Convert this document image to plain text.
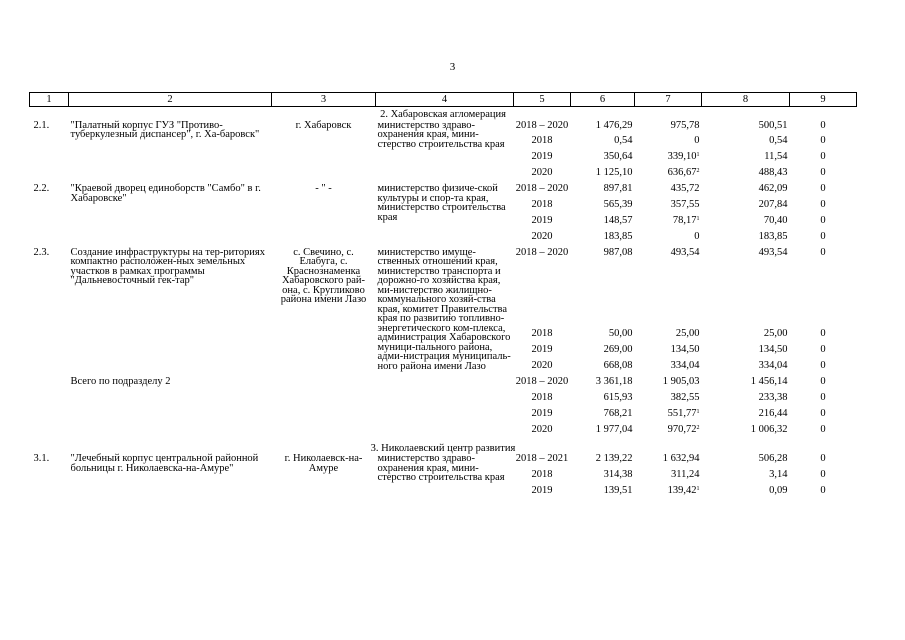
3
1	2	3	4	5	6	7	8	9
2. Хабаровская агломерация								
2.1.	"Палатный корпус ГУЗ "Противо-туберкулезный диспансер", г. Ха-баровск"	г. Хабаровск	министерство здраво-охранения края, мини-стерство строительства края	2018 – 2020	1 476,29	975,78	500,51	0
				2018	0,54	0	0,54	0
				2019	350,64	339,10$^1$	11,54	0
				2020	1 125,10	636,67$^2$	488,43	0
2.2.	"Краевой дворец единоборств "Самбо" в г. Хабаровске"	- " -	министерство физиче-ской культуры и спор-та края, министерство строительства края	2018 – 2020	897,81	435,72	462,09	0
				2018	565,39	357,55	207,84	0
				2019	148,57	78,17$^1$	70,40	0
				2020	183,85	0	183,85	0
2.3.	Создание инфраструктуры на тер-риториях компактно расположен-ных земельных участков в рамках программы "Дальневосточный гек-тар"	с. Свечино, с. Елабуга, с. Краснознаменка Хабаровского рай-она, с. Кругликово района имени Лазо	министерство имуще-ственных отношений края, министерство транспорта и дорожно-го хозяйства края, ми-нистерство жилищно-коммунального хозяй-ства края, комитет Правительства края по развитию топливно-энергетического ком-плекса, администрация Хабаровского муници-пального района, адми-нистрация муниципаль-ного района имени Лазо	2018 – 2020	987,08	493,54	493,54	0
				2018	50,00	25,00	25,00	0
				2019	269,00	134,50	134,50	0
				2020	668,08	334,04	334,04	0
	Всего по подразделу 2			2018 – 2020	3 361,18	1 905,03	1 456,14	0
				2018	615,93	382,55	233,38	0
				2019	768,21	551,77$^1$	216,44	0
				2020	1 977,04	970,72$^2$	1 006,32	0
3. Николаевский центр развития								
3.1.	"Лечебный корпус центральной районной больницы г. Николаевска-на-Амуре"	г. Николаевск-на-Амуре	министерство здраво-охранения края, мини-стерство строительства края	2018 – 2021	2 139,22	1 632,94	506,28	0
				2018	314,38	311,24	3,14	0
				2019	139,51	139,42$^1$	0,09	0
